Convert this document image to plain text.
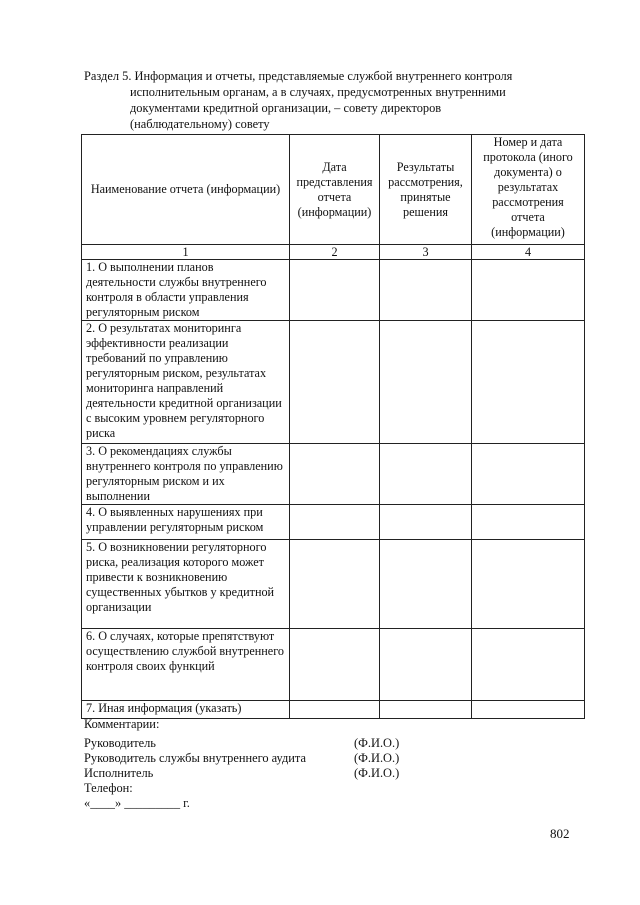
Раздел 5. Информация и отчеты, представляемые службой внутреннего контроля
исполнительным органам, а в случаях, предусмотренных внутренними
документами кредитной организации, – совету директоров
(наблюдательному) совету
Наименование отчета (информации)	Дата представления отчета (информации)	Результаты рассмотрения, принятые решения	Номер и дата протокола (иного документа) о результатах рассмотрения отчета (информации)
1	2	3	4
1. О выполнении планов деятельности службы внутреннего контроля в области управления регуляторным риском			
2. О результатах мониторинга эффективности реализации требований по управлению регуляторным риском, результатах мониторинга направлений деятельности кредитной организации с высоким уровнем регуляторного риска			
3. О рекомендациях службы внутреннего контроля по управлению регуляторным риском и их выполнении			
4. О выявленных нарушениях при управлении регуляторным риском			
5. О возникновении регуляторного риска, реализация которого может привести к возникновению существенных убытков у кредитной организации			
6. О случаях, которые препятствуют осуществлению службой внутреннего контроля своих функций			
7. Иная информация (указать)			
Комментарии:
Руководитель	(Ф.И.О.)
Руководитель службы внутреннего аудита	(Ф.И.О.)
Исполнитель	(Ф.И.О.)
Телефон:
«____» _________ г.
802
